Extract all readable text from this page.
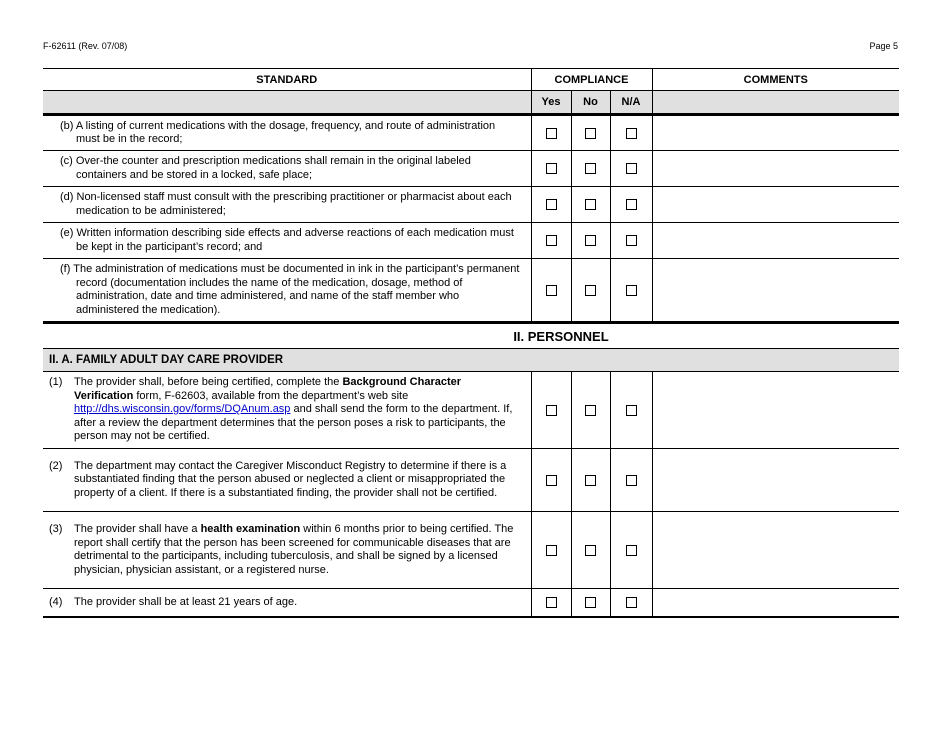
F-62611 (Rev. 07/08)	Page 5
STANDARD	COMPLIANCE			COMMENTS
	Yes	No	N/A	
(b) A listing of current medications with the dosage, frequency, and route of administration must be in the record;				
(c) Over-the counter and prescription medications shall remain in the original labeled containers and be stored in a locked, safe place;				
(d) Non-licensed staff must consult with the prescribing practitioner or pharmacist about each medication to be administered;				
(e) Written information describing side effects and adverse reactions of each medication must be kept in the participant’s record; and				
(f) The administration of medications must be documented in ink in the participant’s permanent record (documentation includes the name of the medication, dosage, method of administration, date and time administered, and name of the staff member who administered the medication).				
II. PERSONNEL				
II. A. FAMILY ADULT DAY CARE PROVIDER				

(1) The provider shall, before being certified, complete the Background Character Verification form, F-62603, available from the department’s web site http://dhs.wisconsin.gov/forms/DQAnum.asp and shall send the form to the department. If, after a review the department determines that the person poses a risk to participants, the person may not be certified.				

(2) The department may contact the Caregiver Misconduct Registry to determine if there is a substantiated finding that the person abused or neglected a client or misappropriated the property of a client. If there is a substantiated finding, the provider shall not be certified.				

(3) The provider shall have a health examination within 6 months prior to being certified. The report shall certify that the person has been screened for communicable diseases that are detrimental to the participants, including tuberculosis, and shall be signed by a licensed physician, physician assistant, or a registered nurse.				

(4) The provider shall be at least 21 years of age.				
